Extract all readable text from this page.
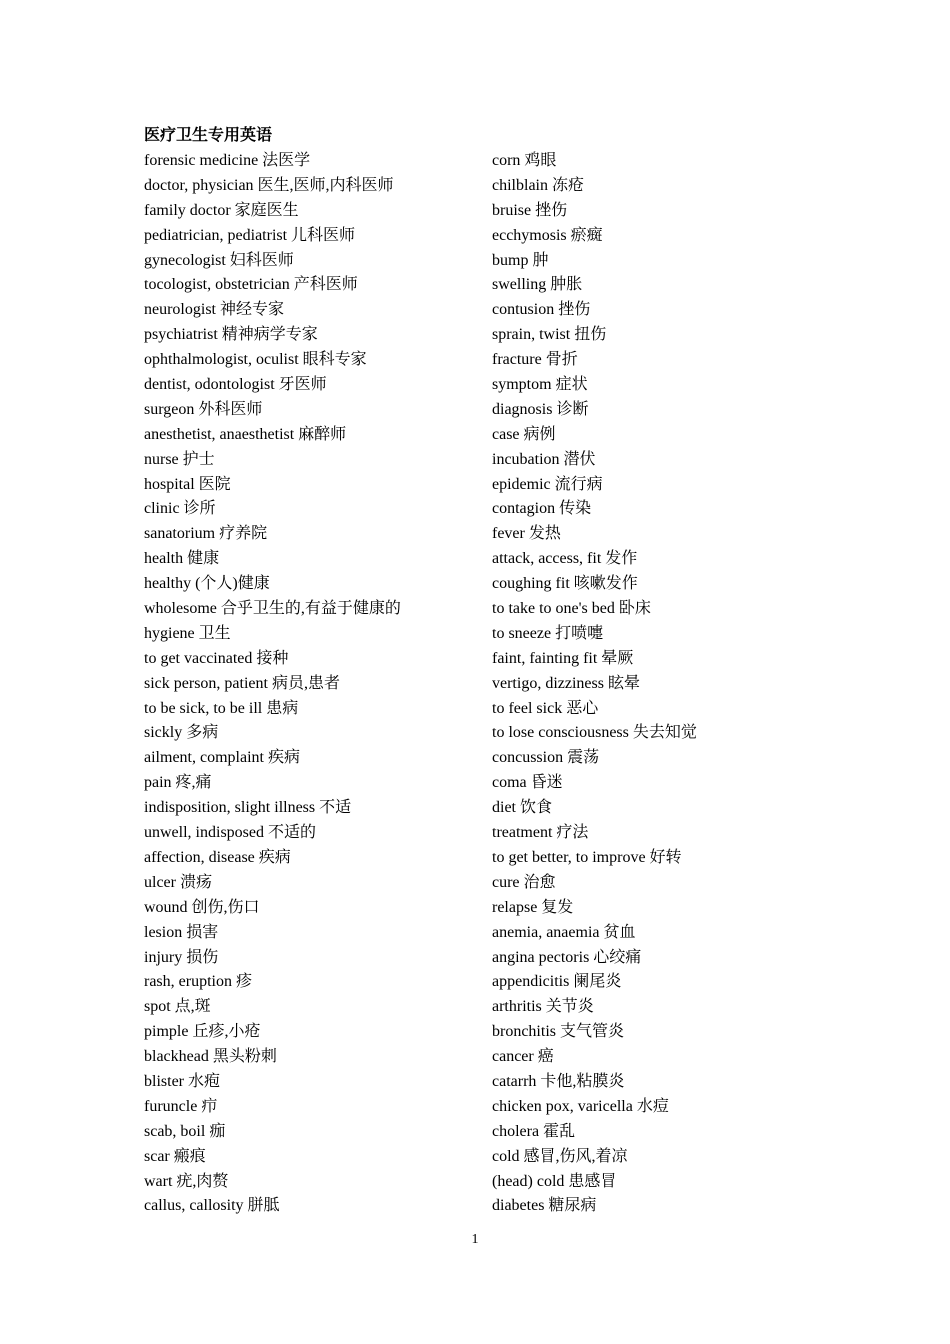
医疗卫生专用英语
forensic medicine 法医学
doctor, physician 医生,医师,内科医师
family doctor 家庭医生
pediatrician, pediatrist 儿科医师
gynecologist 妇科医师
tocologist, obstetrician 产科医师
neurologist 神经专家
psychiatrist 精神病学专家
ophthalmologist, oculist 眼科专家
dentist, odontologist 牙医师
surgeon 外科医师
anesthetist, anaesthetist 麻醉师
nurse 护士
hospital 医院
clinic 诊所
sanatorium 疗养院
health 健康
healthy (个人)健康
wholesome 合乎卫生的,有益于健康的
hygiene 卫生
to get vaccinated 接种
sick person, patient 病员,患者
to be sick, to be ill 患病
sickly 多病
ailment, complaint 疾病
pain 疼,痛
indisposition, slight illness 不适
unwell, indisposed 不适的
affection, disease 疾病
ulcer 溃疡
wound 创伤,伤口
lesion 损害
injury 损伤
rash, eruption 疹
spot 点,斑
pimple 丘疹,小疮
blackhead 黑头粉刺
blister 水疱
furuncle 疖
scab, boil 痂
scar 瘢痕
wart 疣,肉赘
callus, callosity 胼胝
corn 鸡眼
chilblain 冻疮
bruise 挫伤
ecchymosis 瘀癍
bump 肿
swelling 肿胀
contusion 挫伤
sprain, twist 扭伤
fracture 骨折
symptom 症状
diagnosis 诊断
case 病例
incubation 潜伏
epidemic 流行病
contagion 传染
fever 发热
attack, access, fit 发作
coughing fit 咳嗽发作
to take to one's bed 卧床
to sneeze 打喷嚏
faint, fainting fit 晕厥
vertigo, dizziness 眩晕
to feel sick 恶心
to lose consciousness 失去知觉
concussion 震荡
coma 昏迷
diet 饮食
treatment 疗法
to get better, to improve 好转
cure 治愈
relapse 复发
anemia, anaemia 贫血
angina pectoris 心绞痛
appendicitis 阑尾炎
arthritis 关节炎
bronchitis 支气管炎
cancer 癌
catarrh 卡他,粘膜炎
chicken pox, varicella 水痘
cholera 霍乱
cold 感冒,伤风,着凉
(head) cold 患感冒
diabetes 糖尿病
1
